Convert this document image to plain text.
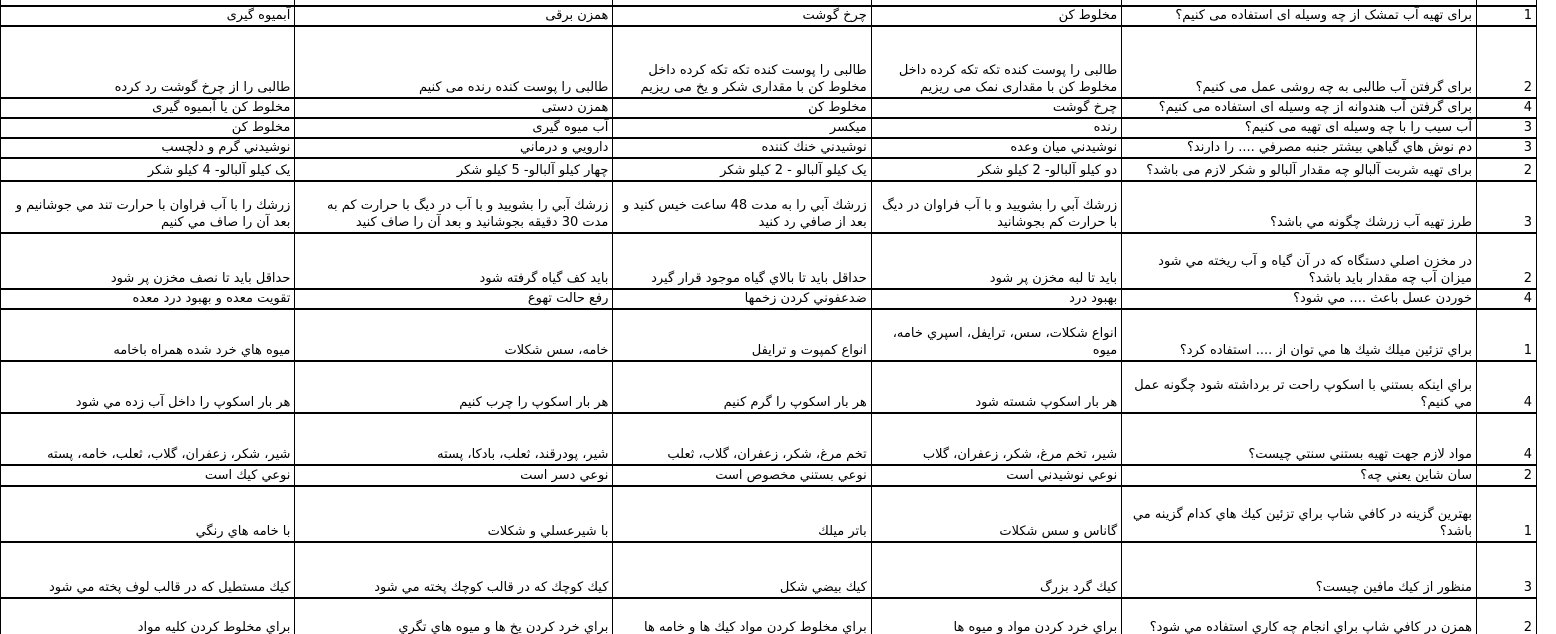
1	برای تهیه آب تمشک از چه وسیله ای استفاده می کنیم؟	مخلوط کن	چرخ گوشت	همزن برقی	آبمیوه گیری
2	برای گرفتن آب طالبی به چه روشی عمل می کنیم؟	طالبی را پوست کنده تکه تکه کرده داخل مخلوط کن با مقداری نمک می ریزیم	طالبی را پوست کنده تکه تکه کرده داخل مخلوط کن با مقداری شکر و یخ می ریزیم	طالبی را پوست کنده رنده می کنیم	طالبی را از چرخ گوشت رد کرده
4	برای گرفتن آب هندوانه از چه وسیله ای استفاده می کنیم؟	چرخ گوشت	مخلوط کن	همزن دستی	مخلوط کن یا آبمیوه گیری
3	آب سیب را با چه وسیله ای تهیه می کنیم؟	رنده	میکسر	آب میوه گیری	مخلوط کن
3	دم نوش هاي گیاهي بیشتر جنبه مصرفي .... را دارند؟	نوشیدني میان وعده	نوشیدني خنك کننده	دارویي و درماني	نوشیدني گرم و دلچسب
2	برای تهیه شربت آلبالو چه مقدار آلبالو و شکر لازم می باشد؟	دو کیلو آلبالو- 2 کیلو شکر	یک کیلو آلبالو - 2 کیلو شکر	چهار کیلو آلبالو- 5 کیلو شکر	یک کیلو آلبالو- 4 کیلو شکر
3	طرز تهیه آب زرشك چگونه مي باشد؟	زرشك آبي را بشویید و با آب فراوان در دیگ با حرارت کم بجوشانید	زرشك آبي را به مدت 48 ساعت خیس کنید و بعد از صافي رد کنید	زرشك آبي را بشویید و با آب در دیگ با حرارت کم به مدت 30 دقیقه بجوشانید و بعد آن را صاف کنید	زرشك را با آب فراوان با حرارت تند مي جوشانیم و بعد آن را صاف مي کنیم
2	در مخزن اصلي دستگاه که در آن گیاه و آب ریخته مي شود میزان آب چه مقدار باید باشد؟	باید تا لبه مخزن پر شود	حداقل باید تا بالاي گیاه موجود قرار گیرد	باید کف گیاه گرفته شود	حداقل باید تا نصف مخزن پر شود
4	خوردن عسل باعث .... مي شود؟	بهبود درد	ضدعفوني کردن زخمها	رفع حالت تهوع	تقویت معده و بهبود درد معده
1	براي تزئین میلك شیك ها مي توان از .... استفاده کرد؟	انواع شکلات، سس، ترایفل، اسپري خامه، میوه	انواع کمپوت و ترایفل	خامه، سس شکلات	میوه هاي خرد شده همراه باخامه
4	براي اینکه بستني با اسکوپ راحت تر برداشته شود چگونه عمل مي کنیم؟	هر بار اسکوپ شسته شود	هر بار اسکوپ را گرم کنیم	هر بار اسکوپ را چرب کنیم	هر بار اسکوپ را داخل آب زده مي شود
4	مواد لازم جهت تهیه بستني سنتي چیست؟	شیر، تخم مرغ، شکر، زعفران، گلاب	تخم مرغ، شکر، زعفران، گلاب، ثعلب	شیر، پودرقند، ثعلب، بادکا، پسته	شیر، شکر، زعفران، گلاب، ثعلب، خامه، پسته
2	سان شاین یعني چه؟	نوعي نوشیدني است	نوعي بستني مخصوص است	نوعي دسر است	نوعي کیك است
1	بهترین گزینه در کافي شاپ براي تزئین کیك هاي کدام گزینه مي باشد؟	گاناس و سس شکلات	باتر میلك	با شیرعسلي و شکلات	با خامه هاي رنگي
3	منظور از کیك مافین چیست؟	کیك گرد بزرگ	کیك بیضي شکل	کیك کوچك که در قالب کوچك پخته مي شود	کیك مستطیل که در قالب لوف پخته مي شود
2	همزن در کافي شاپ براي انجام چه کاري استفاده مي شود؟	براي خرد کردن مواد و میوه ها	براي مخلوط کردن مواد کیك ها و خامه ها	براي خرد کردن یخ ها و میوه هاي تگري	براي مخلوط کردن کلیه مواد
